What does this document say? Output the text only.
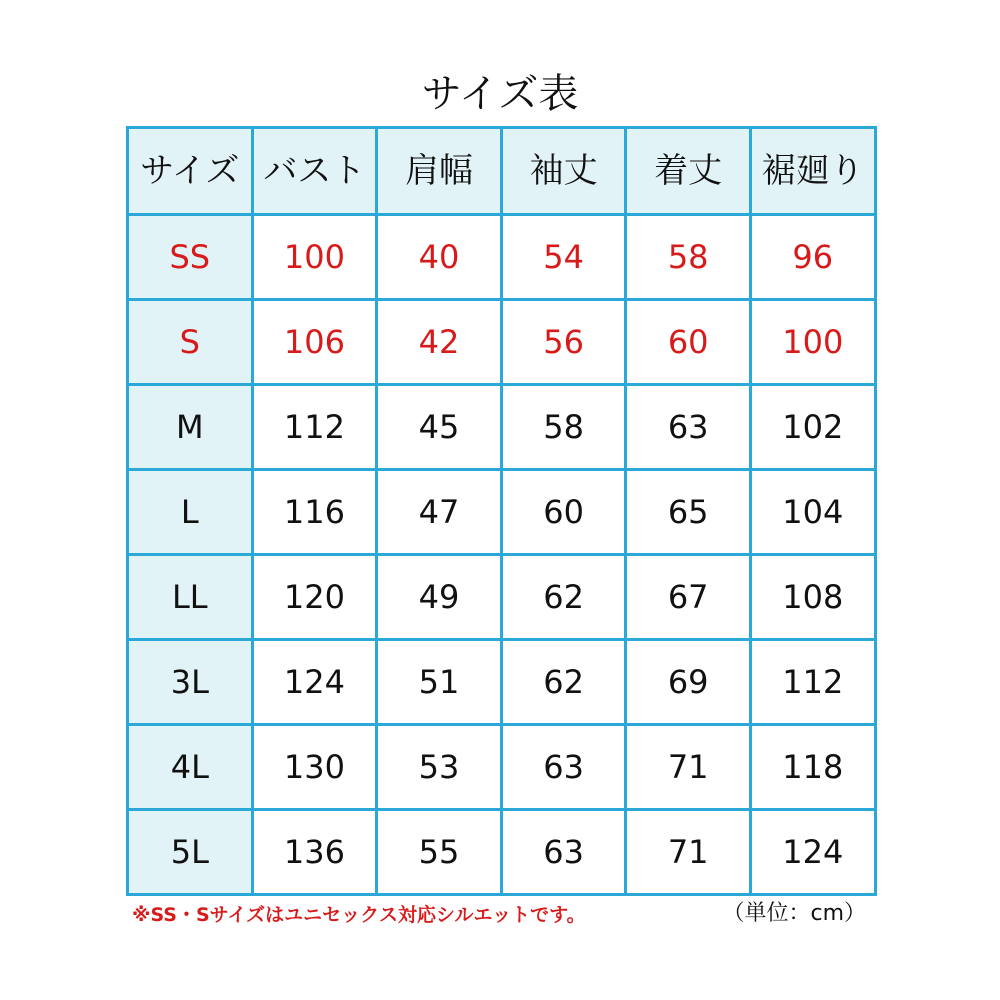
サイズ表
サイズ	バスト	肩幅	袖丈	着丈	裾廻り
SS	100	40	54	58	96
S	106	42	56	60	100
M	112	45	58	63	102
L	116	47	60	65	104
LL	120	49	62	67	108
3L	124	51	62	69	112
4L	130	53	63	71	118
5L	136	55	63	71	124
※SS・Sサイズはユニセックス対応シルエットです。	（単位：cm）
